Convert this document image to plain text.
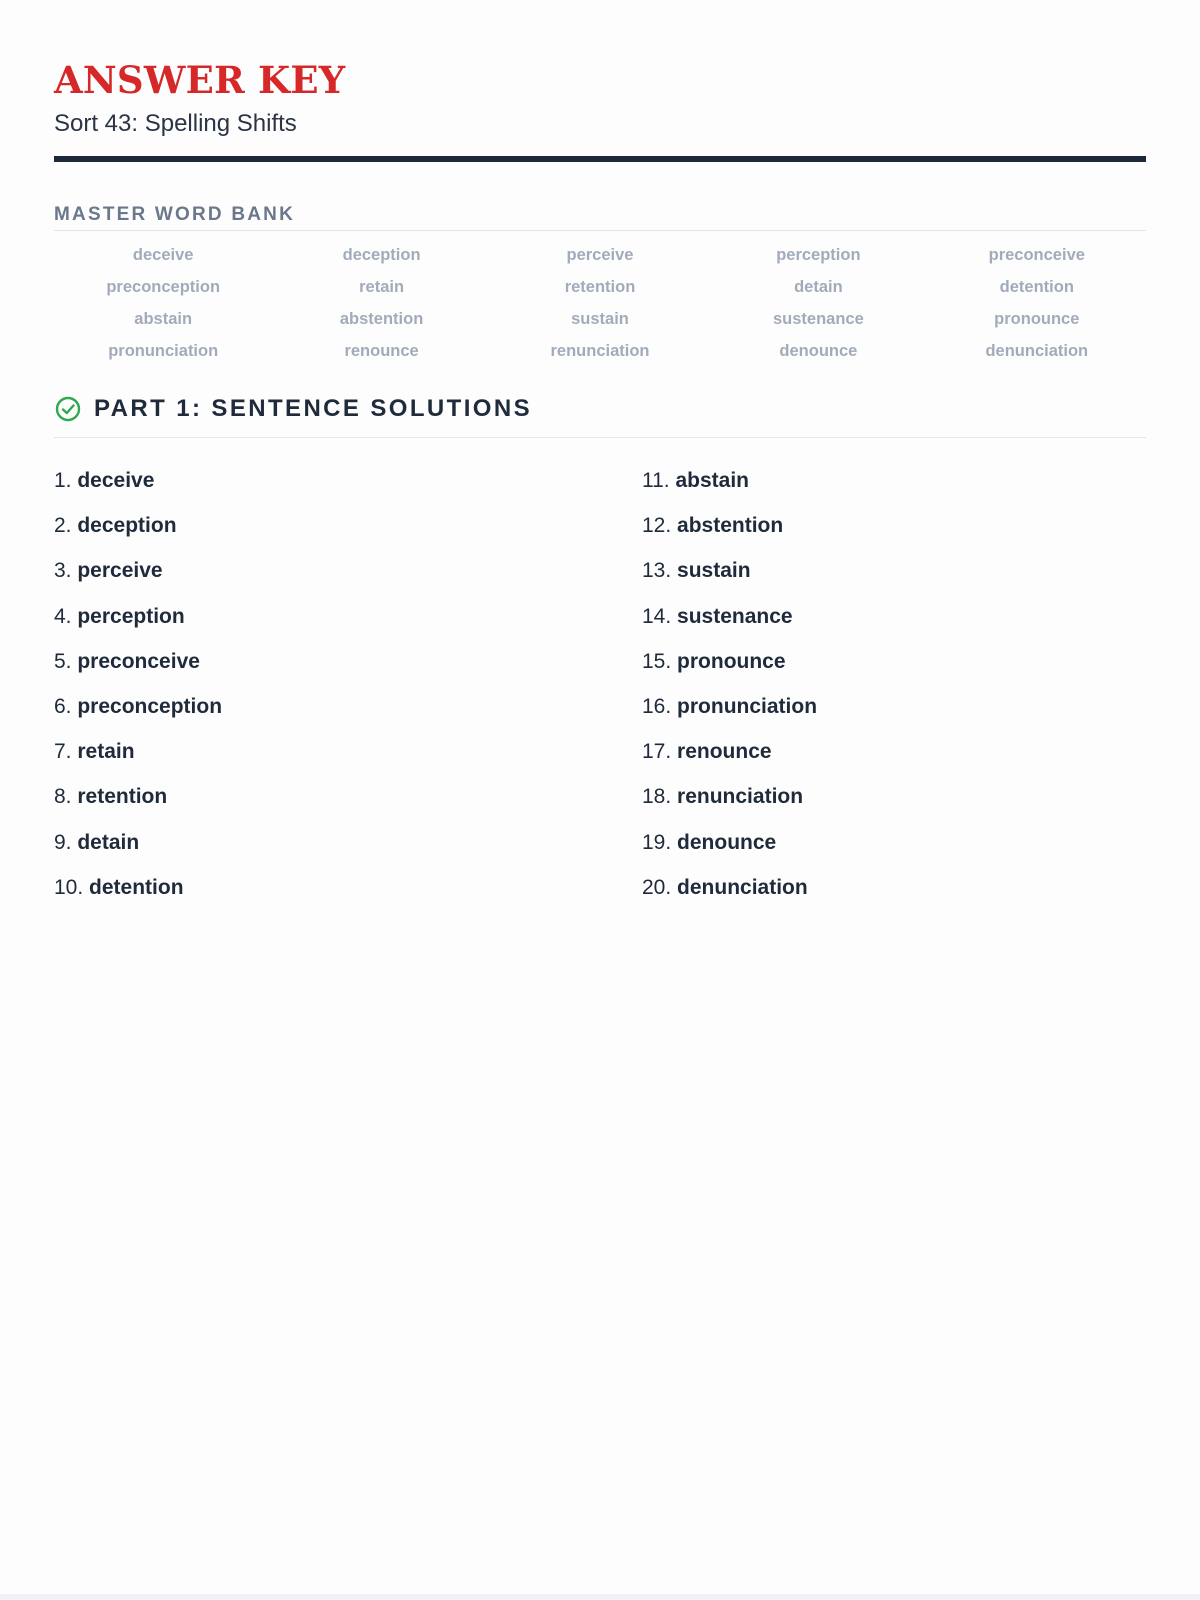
ANSWER KEY
Sort 43: Spelling Shifts
MASTER WORD BANK
deceive	deception	perceive	perception	preconceive
preconception	retain	retention	detain	detention
abstain	abstention	sustain	sustenance	pronounce
pronunciation	renounce	renunciation	denounce	denunciation
PART 1: SENTENCE SOLUTIONS
1. deceive
2. deception
3. perceive
4. perception
5. preconceive
6. preconception
7. retain
8. retention
9. detain
10. detention
11. abstain
12. abstention
13. sustain
14. sustenance
15. pronounce
16. pronunciation
17. renounce
18. renunciation
19. denounce
20. denunciation
